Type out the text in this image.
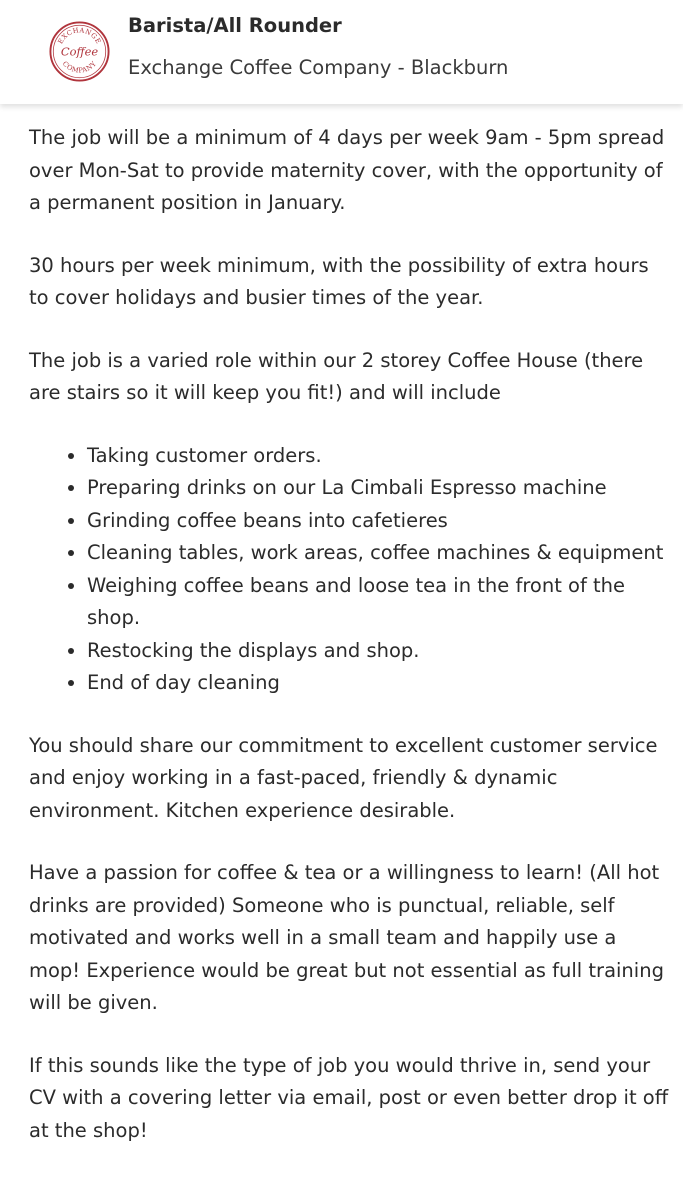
EXCHANGE
Coffee
COMPANY
Barista/All Rounder
Exchange Coffee Company - Blackburn

The job will be a minimum of 4 days per week 9am - 5pm spread over Mon-Sat to provide maternity cover, with the opportunity of a permanent position in January.

30 hours per week minimum, with the possibility of extra hours to cover holidays and busier times of the year.

The job is a varied role within our 2 storey Coffee House (there are stairs so it will keep you fit!) and will include

• Taking customer orders.
• Preparing drinks on our La Cimbali Espresso machine
• Grinding coffee beans into cafetieres
• Cleaning tables, work areas, coffee machines & equipment
• Weighing coffee beans and loose tea in the front of the shop.
• Restocking the displays and shop.
• End of day cleaning

You should share our commitment to excellent customer service and enjoy working in a fast-paced, friendly & dynamic environment. Kitchen experience desirable.

Have a passion for coffee & tea or a willingness to learn! (All hot drinks are provided) Someone who is punctual, reliable, self motivated and works well in a small team and happily use a mop! Experience would be great but not essential as full training will be given.

If this sounds like the type of job you would thrive in, send your CV with a covering letter via email, post or even better drop it off at the shop!
